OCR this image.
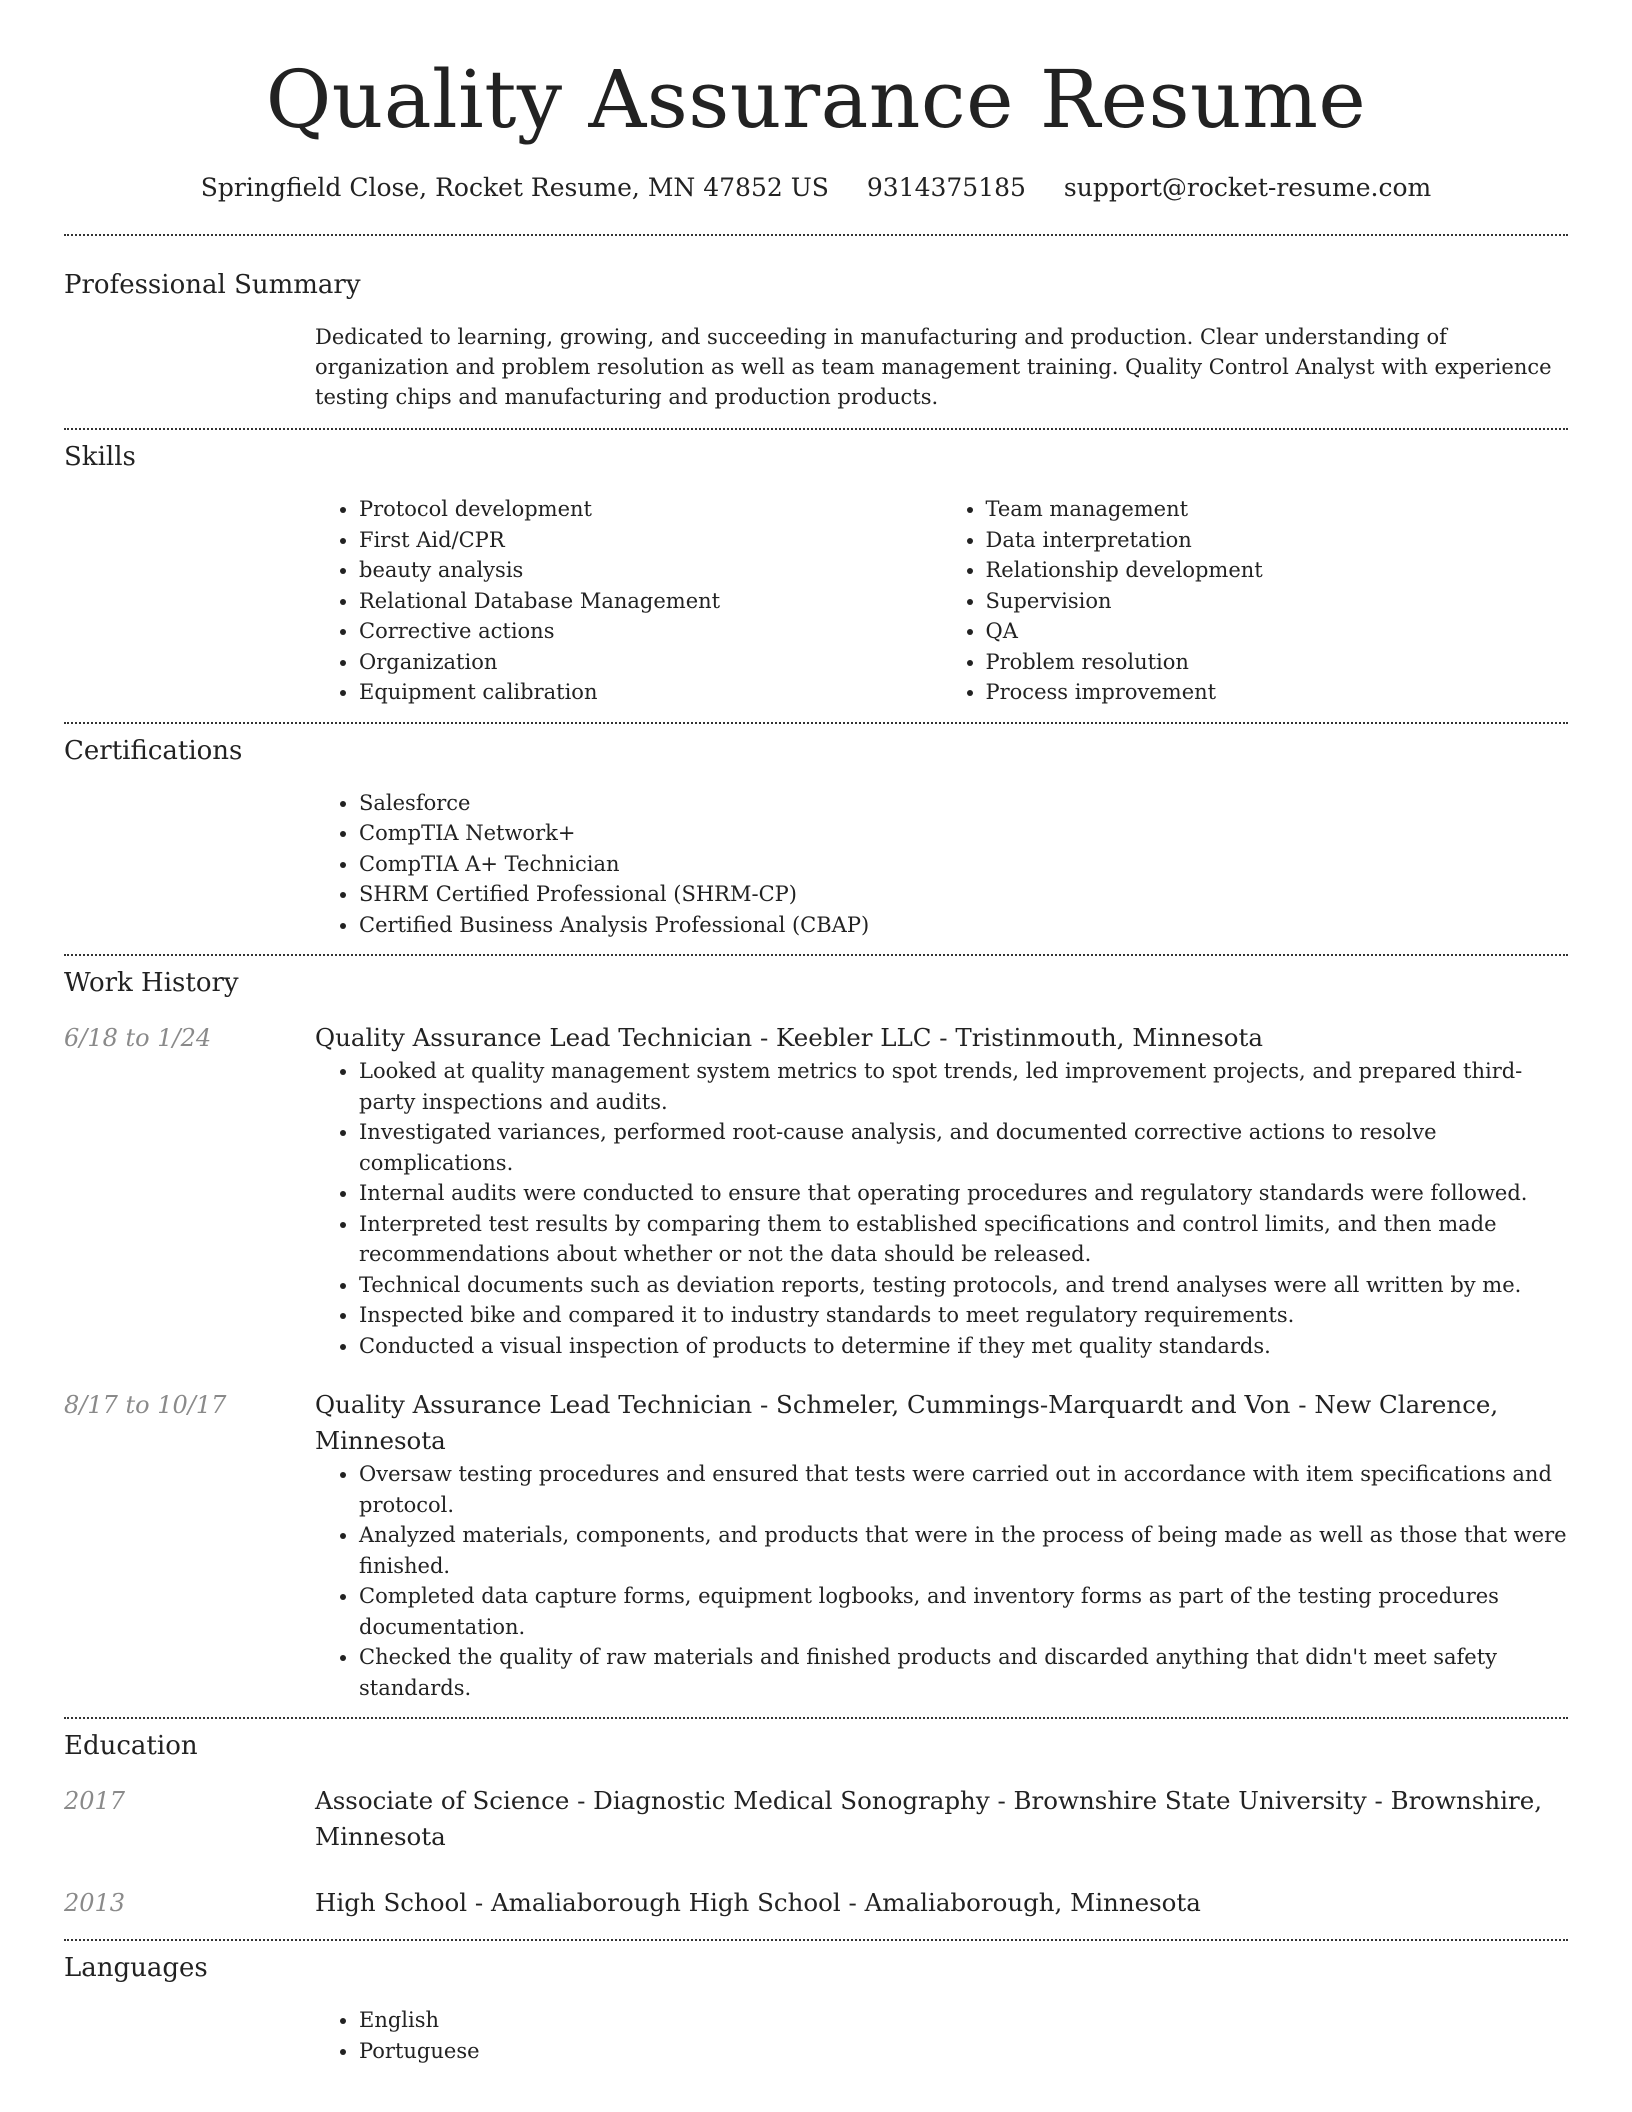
Quality Assurance Resume
Springfield Close, Rocket Resume, MN 47852 US 9314375185 support@rocket-resume.com
Professional Summary

Dedicated to learning, growing, and succeeding in manufacturing and production. Clear understanding of organization and problem resolution as well as team management training. Quality Control Analyst with experience testing chips and manufacturing and production products.

Skills
• Protocol development
• First Aid/CPR
• beauty analysis
• Relational Database Management
• Corrective actions
• Organization
• Equipment calibration
• Team management
• Data interpretation
• Relationship development
• Supervision
• QA
• Problem resolution
• Process improvement
Certifications
• Salesforce
• CompTIA Network+
• CompTIA A+ Technician
• SHRM Certified Professional (SHRM-CP)
• Certified Business Analysis Professional (CBAP)
Work History
6/18 to 1/24	Quality Assurance Lead Technician - Keebler LLC - Tristinmouth, Minnesota

• Looked at quality management system metrics to spot trends, led improvement projects, and prepared third-party inspections and audits.
• Investigated variances, performed root-cause analysis, and documented corrective actions to resolve complications.
• Internal audits were conducted to ensure that operating procedures and regulatory standards were followed.
• Interpreted test results by comparing them to established specifications and control limits, and then made recommendations about whether or not the data should be released.
• Technical documents such as deviation reports, testing protocols, and trend analyses were all written by me.
• Inspected bike and compared it to industry standards to meet regulatory requirements.
• Conducted a visual inspection of products to determine if they met quality standards.
8/17 to 10/17	Quality Assurance Lead Technician - Schmeler, Cummings-Marquardt and Von - New Clarence, Minnesota

• Oversaw testing procedures and ensured that tests were carried out in accordance with item specifications and protocol.
• Analyzed materials, components, and products that were in the process of being made as well as those that were finished.
• Completed data capture forms, equipment logbooks, and inventory forms as part of the testing procedures documentation.
• Checked the quality of raw materials and finished products and discarded anything that didn't meet safety standards.
Education
2017	Associate of Science - Diagnostic Medical Sonography - Brownshire State University - Brownshire, Minnesota

2013	High School - Amaliaborough High School - Amaliaborough, Minnesota

Languages
• English
• Portuguese
